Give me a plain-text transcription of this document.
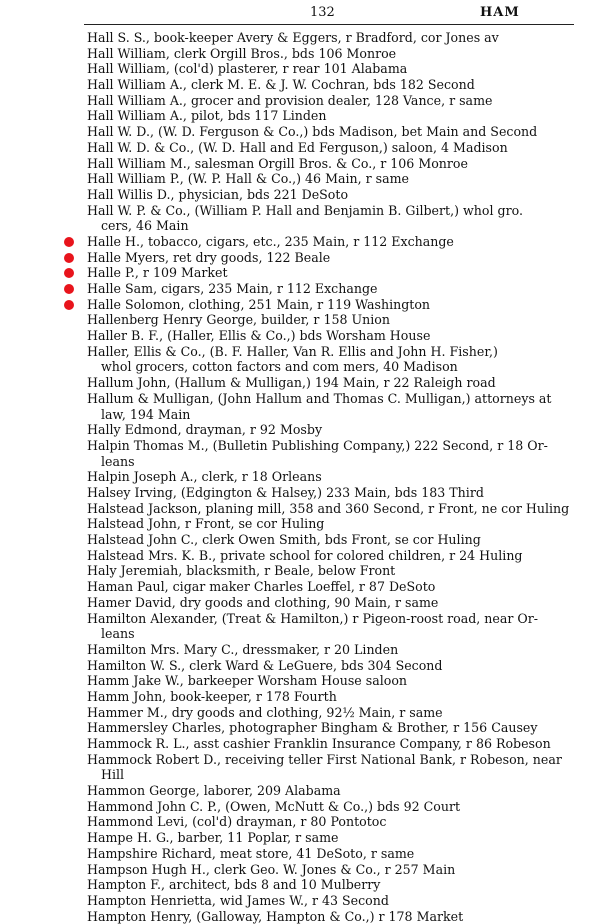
132	HAM
Hall S. S., book-keeper Avery & Eggers, r Bradford, cor Jones av
Hall William, clerk Orgill Bros., bds 106 Monroe
Hall William, (col'd) plasterer, r rear 101 Alabama
Hall William A., clerk M. E. & J. W. Cochran, bds 182 Second
Hall William A., grocer and provision dealer, 128 Vance, r same
Hall William A., pilot, bds 117 Linden
Hall W. D., (W. D. Ferguson & Co.,) bds Madison, bet Main and Second
Hall W. D. & Co., (W. D. Hall and Ed Ferguson,) saloon, 4 Madison
Hall William M., salesman Orgill Bros. & Co., r 106 Monroe
Hall William P., (W. P. Hall & Co.,) 46 Main, r same
Hall Willis D., physician, bds 221 DeSoto
Hall W. P. & Co., (William P. Hall and Benjamin B. Gilbert,) whol gro.
cers, 46 Main
Halle H., tobacco, cigars, etc., 235 Main, r 112 Exchange
Halle Myers, ret dry goods, 122 Beale
Halle P., r 109 Market
Halle Sam, cigars, 235 Main, r 112 Exchange
Halle Solomon, clothing, 251 Main, r 119 Washington
Hallenberg Henry George, builder, r 158 Union
Haller B. F., (Haller, Ellis & Co.,) bds Worsham House
Haller, Ellis & Co., (B. F. Haller, Van R. Ellis and John H. Fisher,)
whol grocers, cotton factors and com mers, 40 Madison
Hallum John, (Hallum & Mulligan,) 194 Main, r 22 Raleigh road
Hallum & Mulligan, (John Hallum and Thomas C. Mulligan,) attorneys at
law, 194 Main
Hally Edmond, drayman, r 92 Mosby
Halpin Thomas M., (Bulletin Publishing Company,) 222 Second, r 18 Or-
leans
Halpin Joseph A., clerk, r 18 Orleans
Halsey Irving, (Edgington & Halsey,) 233 Main, bds 183 Third
Halstead Jackson, planing mill, 358 and 360 Second, r Front, ne cor Huling
Halstead John, r Front, se cor Huling
Halstead John C., clerk Owen Smith, bds Front, se cor Huling
Halstead Mrs. K. B., private school for colored children, r 24 Huling
Haly Jeremiah, blacksmith, r Beale, below Front
Haman Paul, cigar maker Charles Loeffel, r 87 DeSoto
Hamer David, dry goods and clothing, 90 Main, r same
Hamilton Alexander, (Treat & Hamilton,) r Pigeon-roost road, near Or-
leans
Hamilton Mrs. Mary C., dressmaker, r 20 Linden
Hamilton W. S., clerk Ward & LeGuere, bds 304 Second
Hamm Jake W., barkeeper Worsham House saloon
Hamm John, book-keeper, r 178 Fourth
Hammer M., dry goods and clothing, 92½ Main, r same
Hammersley Charles, photographer Bingham & Brother, r 156 Causey
Hammock R. L., asst cashier Franklin Insurance Company, r 86 Robeson
Hammock Robert D., receiving teller First National Bank, r Robeson, near
Hill
Hammon George, laborer, 209 Alabama
Hammond John C. P., (Owen, McNutt & Co.,) bds 92 Court
Hammond Levi, (col'd) drayman, r 80 Pontotoc
Hampe H. G., barber, 11 Poplar, r same
Hampshire Richard, meat store, 41 DeSoto, r same
Hampson Hugh H., clerk Geo. W. Jones & Co., r 257 Main
Hampton F., architect, bds 8 and 10 Mulberry
Hampton Henrietta, wid James W., r 43 Second
Hampton Henry, (Galloway, Hampton & Co.,) r 178 Market
